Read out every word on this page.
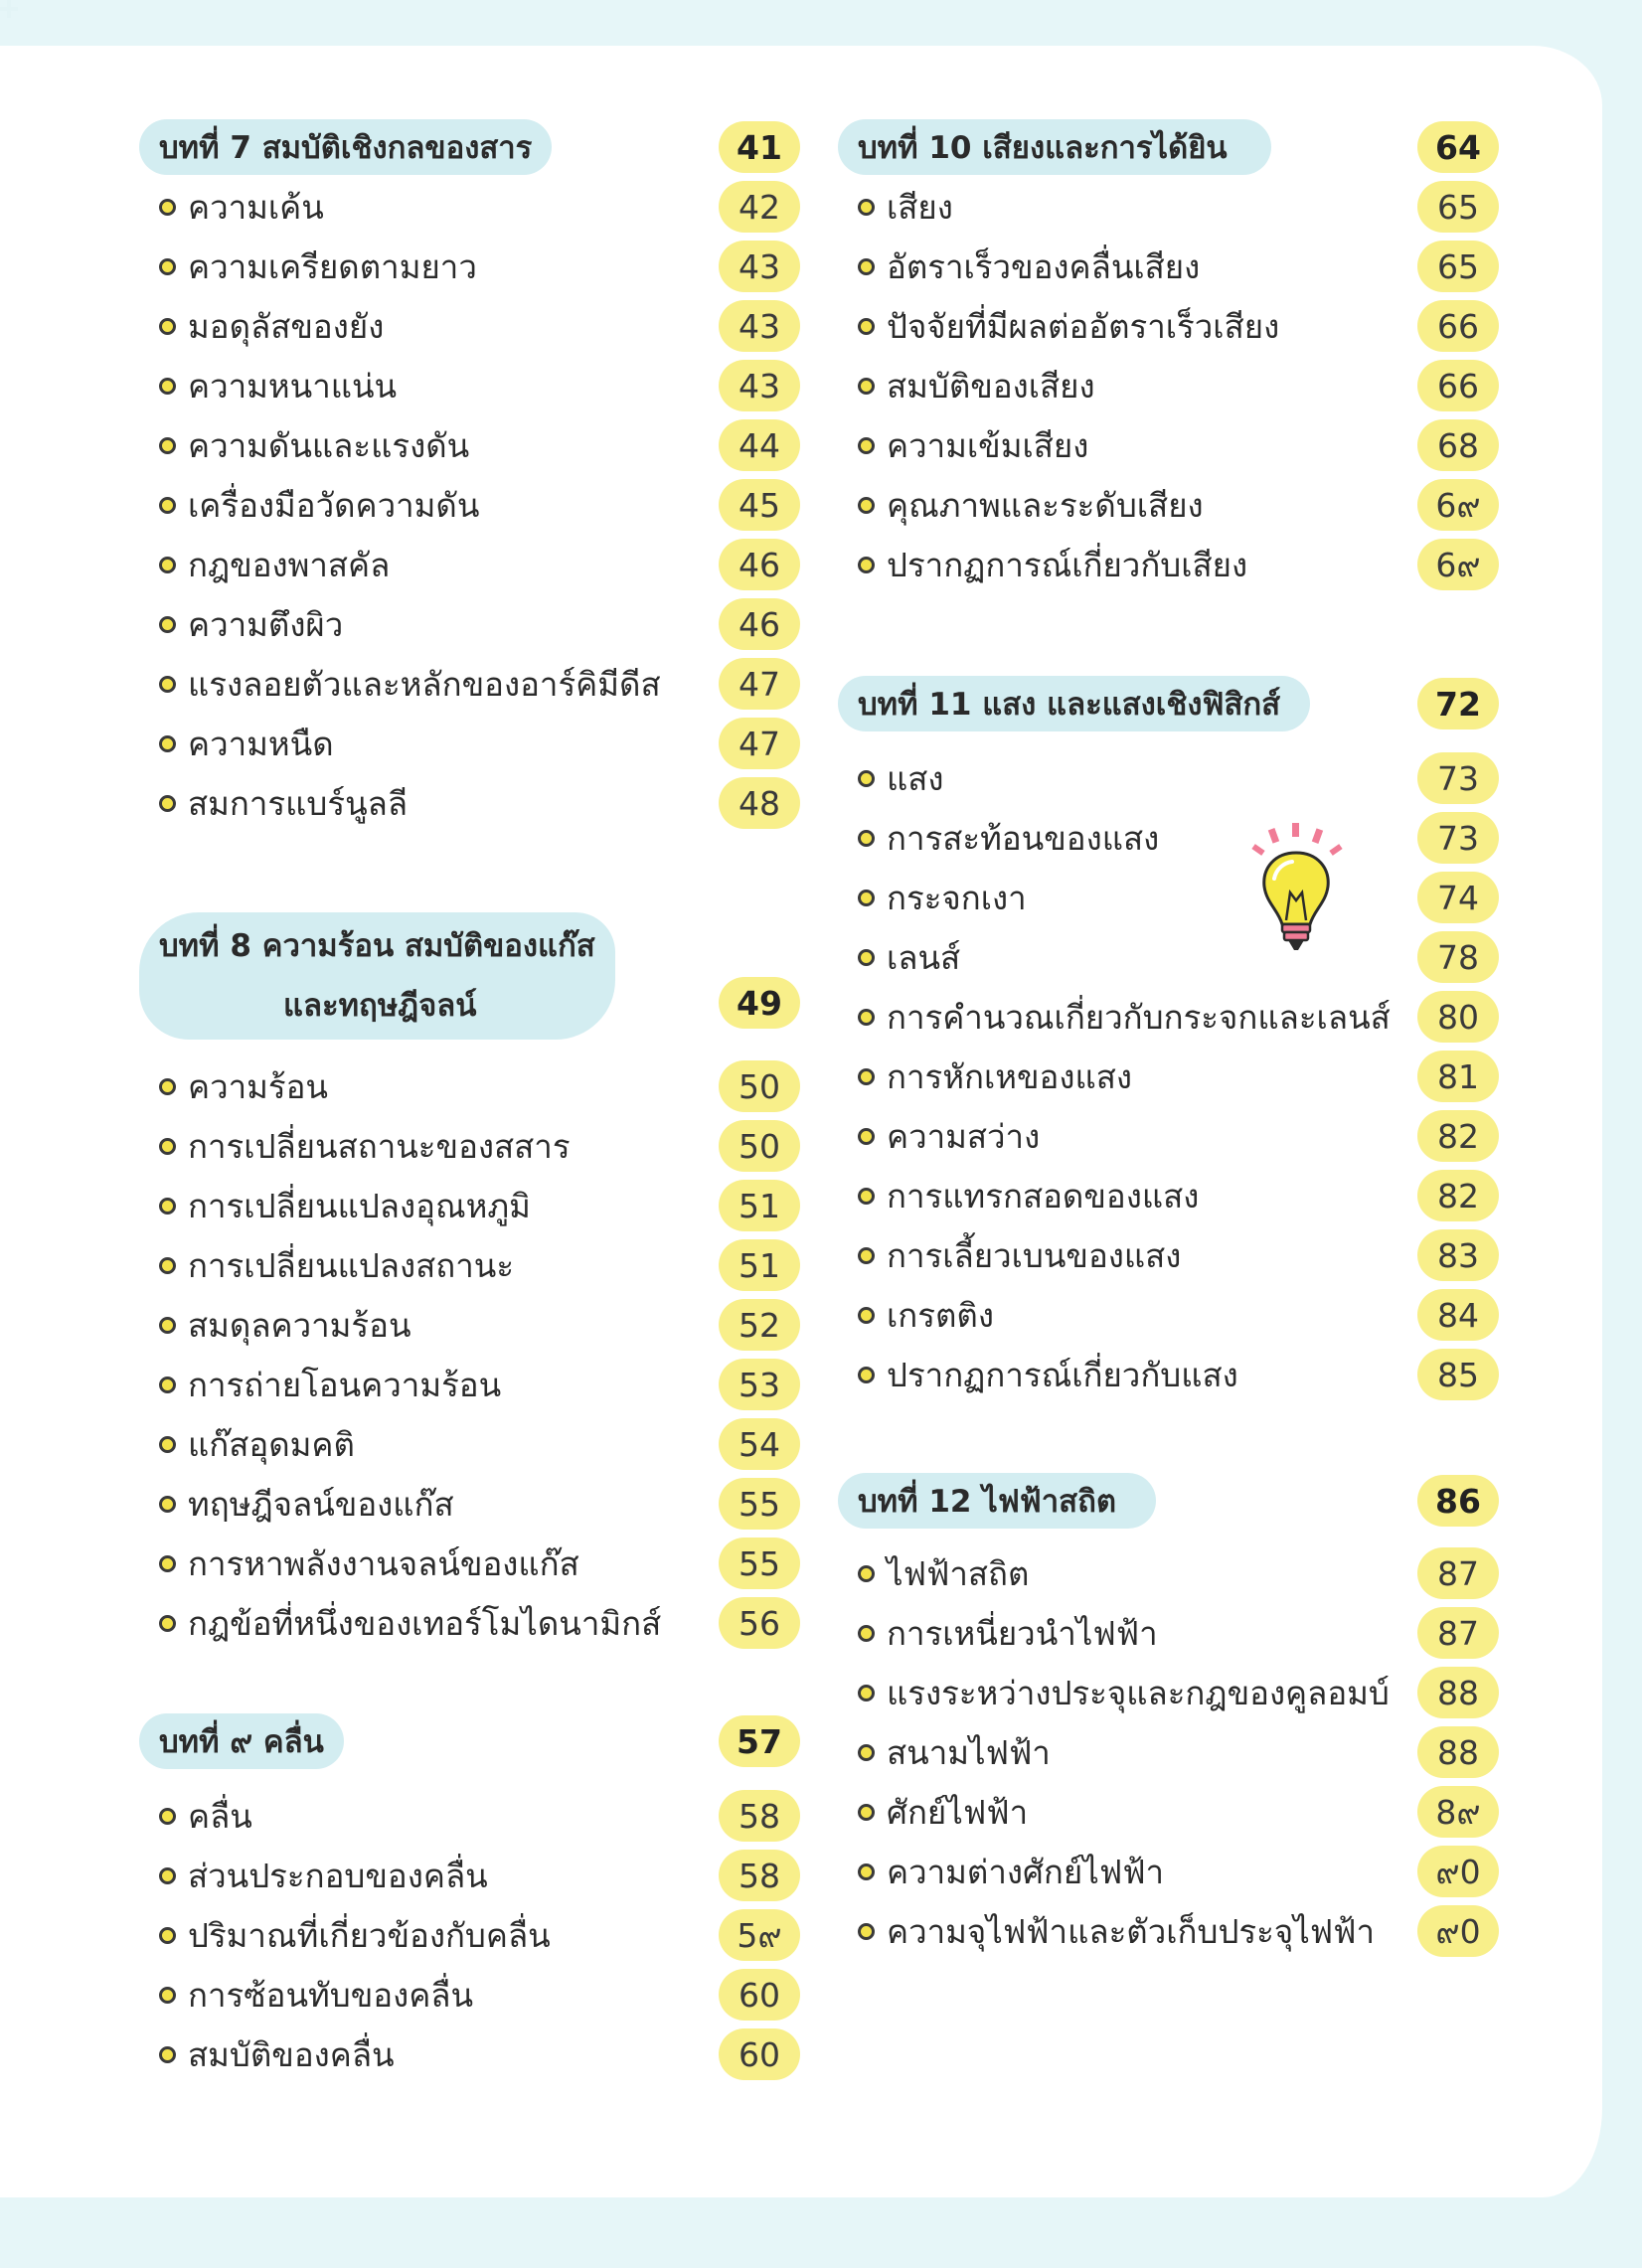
บทที่ 7 สมบัติเชิงกลของสาร	41
ความเค้น	42
ความเครียดตามยาว	43
มอดุลัสของยัง	43
ความหนาแน่น	43
ความดันและแรงดัน	44
เครื่องมือวัดความดัน	45
กฎของพาสคัล	46
ความตึงผิว	46
แรงลอยตัวและหลักของอาร์คิมีดีส	47
ความหนืด	47
สมการแบร์นูลลี	48
บทที่ 8 ความร้อน สมบัติของแก๊ส
และทฤษฎีจลน์	49
ความร้อน	50
การเปลี่ยนสถานะของสสาร	50
การเปลี่ยนแปลงอุณหภูมิ	51
การเปลี่ยนแปลงสถานะ	51
สมดุลความร้อน	52
การถ่ายโอนความร้อน	53
แก๊สอุดมคติ	54
ทฤษฎีจลน์ของแก๊ส	55
การหาพลังงานจลน์ของแก๊ส	55
กฎข้อที่หนึ่งของเทอร์โมไดนามิกส์	56
บทที่ ๙ คลื่น	57
คลื่น	58
ส่วนประกอบของคลื่น	58
ปริมาณที่เกี่ยวข้องกับคลื่น	5๙
การซ้อนทับของคลื่น	60
สมบัติของคลื่น	60
บทที่ 10 เสียงและการได้ยิน	64
เสียง	65
อัตราเร็วของคลื่นเสียง	65
ปัจจัยที่มีผลต่ออัตราเร็วเสียง	66
สมบัติของเสียง	66
ความเข้มเสียง	68
คุณภาพและระดับเสียง	6๙
ปรากฏการณ์เกี่ยวกับเสียง	6๙
บทที่ 11 แสง และแสงเชิงฟิสิกส์	72
แสง	73
การสะท้อนของแสง	73
กระจกเงา	74
เลนส์	78
การคำนวณเกี่ยวกับกระจกและเลนส์	80
การหักเหของแสง	81
ความสว่าง	82
การแทรกสอดของแสง	82
การเลี้ยวเบนของแสง	83
เกรตติง	84
ปรากฏการณ์เกี่ยวกับแสง	85
บทที่ 12 ไฟฟ้าสถิต	86
ไฟฟ้าสถิต	87
การเหนี่ยวนำไฟฟ้า	87
แรงระหว่างประจุและกฎของคูลอมบ์	88
สนามไฟฟ้า	88
ศักย์ไฟฟ้า	8๙
ความต่างศักย์ไฟฟ้า	๙0
ความจุไฟฟ้าและตัวเก็บประจุไฟฟ้า	๙0
